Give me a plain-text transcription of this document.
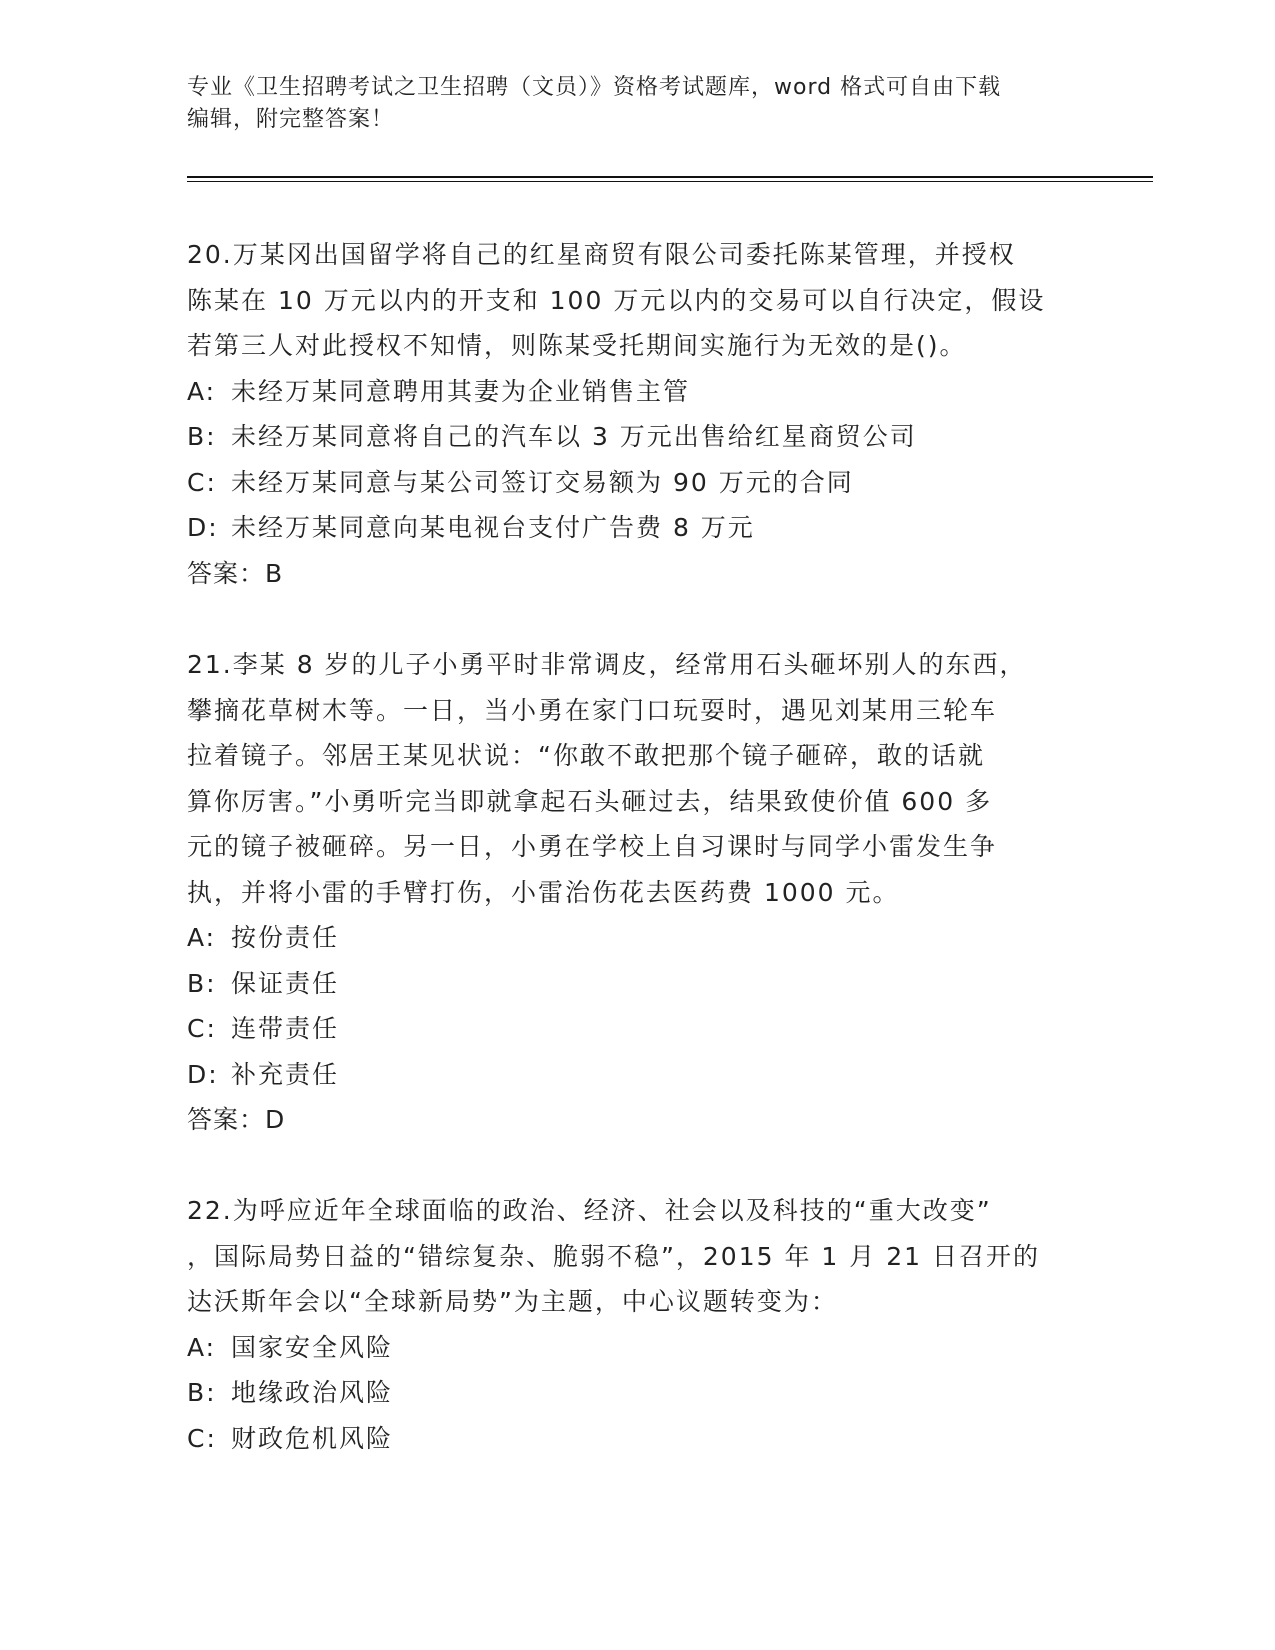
专业《卫生招聘考试之卫生招聘（文员）》资格考试题库，word 格式可自由下载
编辑，附完整答案！

20.万某冈出国留学将自己的红星商贸有限公司委托陈某管理，并授权

陈某在 10 万元以内的开支和 100 万元以内的交易可以自行决定，假设

若第三人对此授权不知情，则陈某受托期间实施行为无效的是()。

A: 未经万某同意聘用其妻为企业销售主管

B: 未经万某同意将自己的汽车以 3 万元出售给红星商贸公司

C: 未经万某同意与某公司签订交易额为 90 万元的合同

D: 未经万某同意向某电视台支付广告费 8 万元

答案：B

21.李某 8 岁的儿子小勇平时非常调皮，经常用石头砸坏别人的东西，

攀摘花草树木等。一日，当小勇在家门口玩耍时，遇见刘某用三轮车

拉着镜子。邻居王某见状说：“你敢不敢把那个镜子砸碎，敢的话就

算你厉害。”小勇听完当即就拿起石头砸过去，结果致使价值 600 多

元的镜子被砸碎。另一日，小勇在学校上自习课时与同学小雷发生争

执，并将小雷的手臂打伤，小雷治伤花去医药费 1000 元。

A: 按份责任

B: 保证责任

C: 连带责任

D: 补充责任

答案：D

22.为呼应近年全球面临的政治、经济、社会以及科技的“重大改变”

，国际局势日益的“错综复杂、脆弱不稳”，2015 年 1 月 21 日召开的

达沃斯年会以“全球新局势”为主题，中心议题转变为：

A: 国家安全风险

B: 地缘政治风险

C: 财政危机风险
